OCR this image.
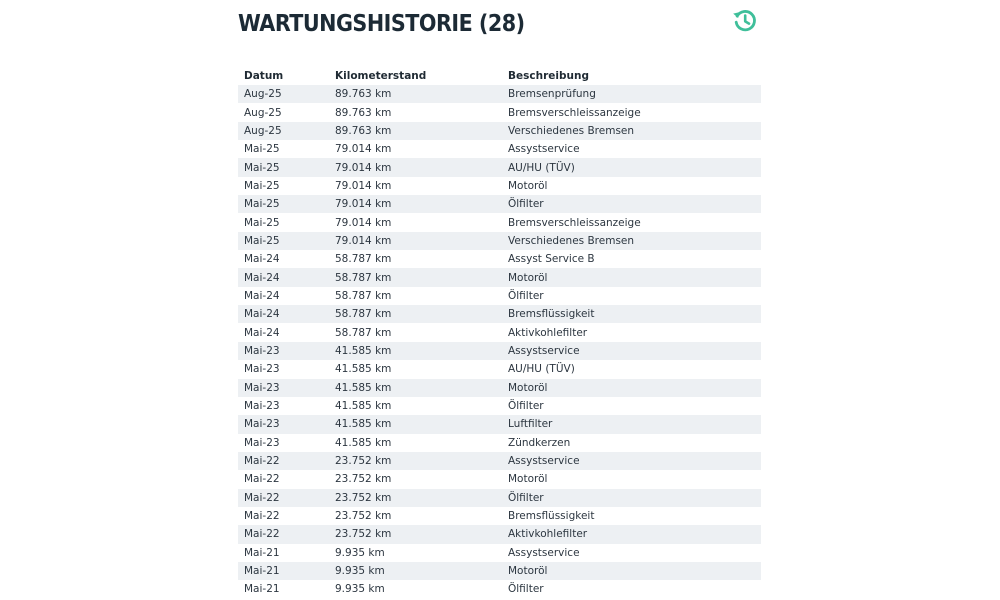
WARTUNGSHISTORIE (28)
Datum	Kilometerstand	Beschreibung
Aug-25	89.763 km	Bremsenprüfung
Aug-25	89.763 km	Bremsverschleissanzeige
Aug-25	89.763 km	Verschiedenes Bremsen
Mai-25	79.014 km	Assystservice
Mai-25	79.014 km	AU/HU (TÜV)
Mai-25	79.014 km	Motoröl
Mai-25	79.014 km	Ölfilter
Mai-25	79.014 km	Bremsverschleissanzeige
Mai-25	79.014 km	Verschiedenes Bremsen
Mai-24	58.787 km	Assyst Service B
Mai-24	58.787 km	Motoröl
Mai-24	58.787 km	Ölfilter
Mai-24	58.787 km	Bremsflüssigkeit
Mai-24	58.787 km	Aktivkohlefilter
Mai-23	41.585 km	Assystservice
Mai-23	41.585 km	AU/HU (TÜV)
Mai-23	41.585 km	Motoröl
Mai-23	41.585 km	Ölfilter
Mai-23	41.585 km	Luftfilter
Mai-23	41.585 km	Zündkerzen
Mai-22	23.752 km	Assystservice
Mai-22	23.752 km	Motoröl
Mai-22	23.752 km	Ölfilter
Mai-22	23.752 km	Bremsflüssigkeit
Mai-22	23.752 km	Aktivkohlefilter
Mai-21	9.935 km	Assystservice
Mai-21	9.935 km	Motoröl
Mai-21	9.935 km	Ölfilter
